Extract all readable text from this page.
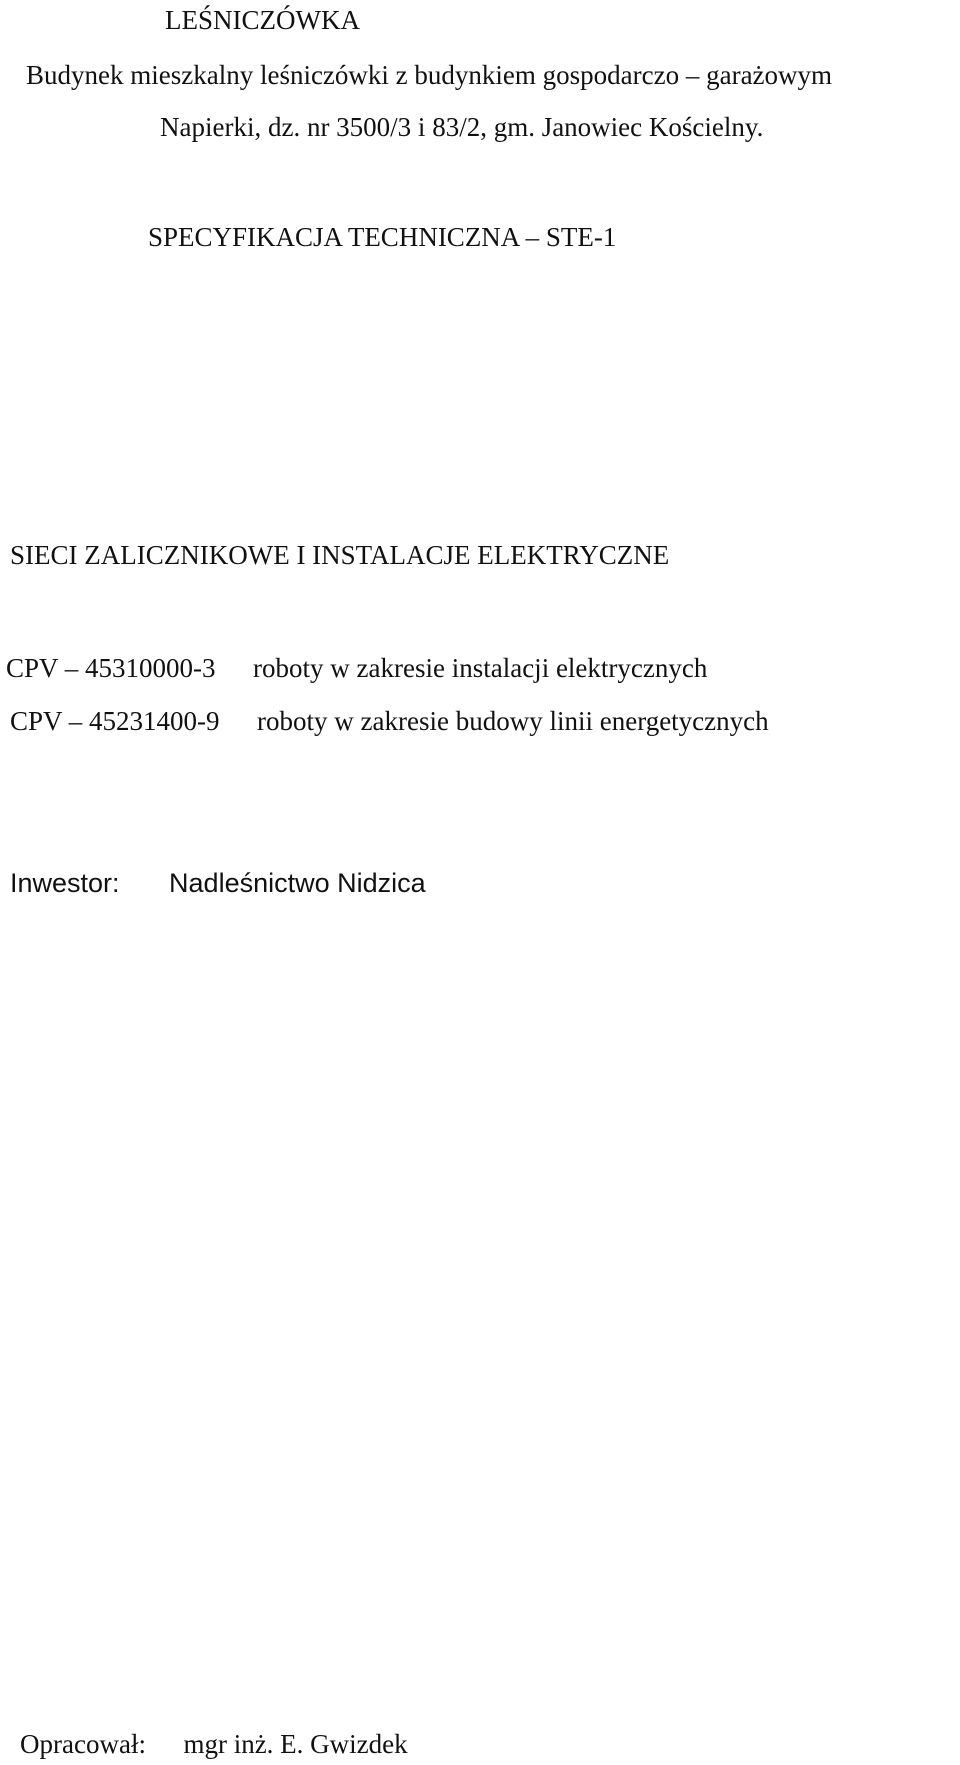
LEŚNICZÓWKA
Budynek mieszkalny leśniczówki z budynkiem gospodarczo – garażowym
Napierki, dz. nr 3500/3 i 83/2, gm. Janowiec Kościelny.
SPECYFIKACJA TECHNICZNA – STE-1
SIECI ZALICZNIKOWE I INSTALACJE ELEKTRYCZNE
CPV – 45310000-3 roboty w zakresie instalacji elektrycznych
CPV – 45231400-9 roboty w zakresie budowy linii energetycznych
Inwestor: Nadleśnictwo Nidzica
Opracował: mgr inż. E. Gwizdek
